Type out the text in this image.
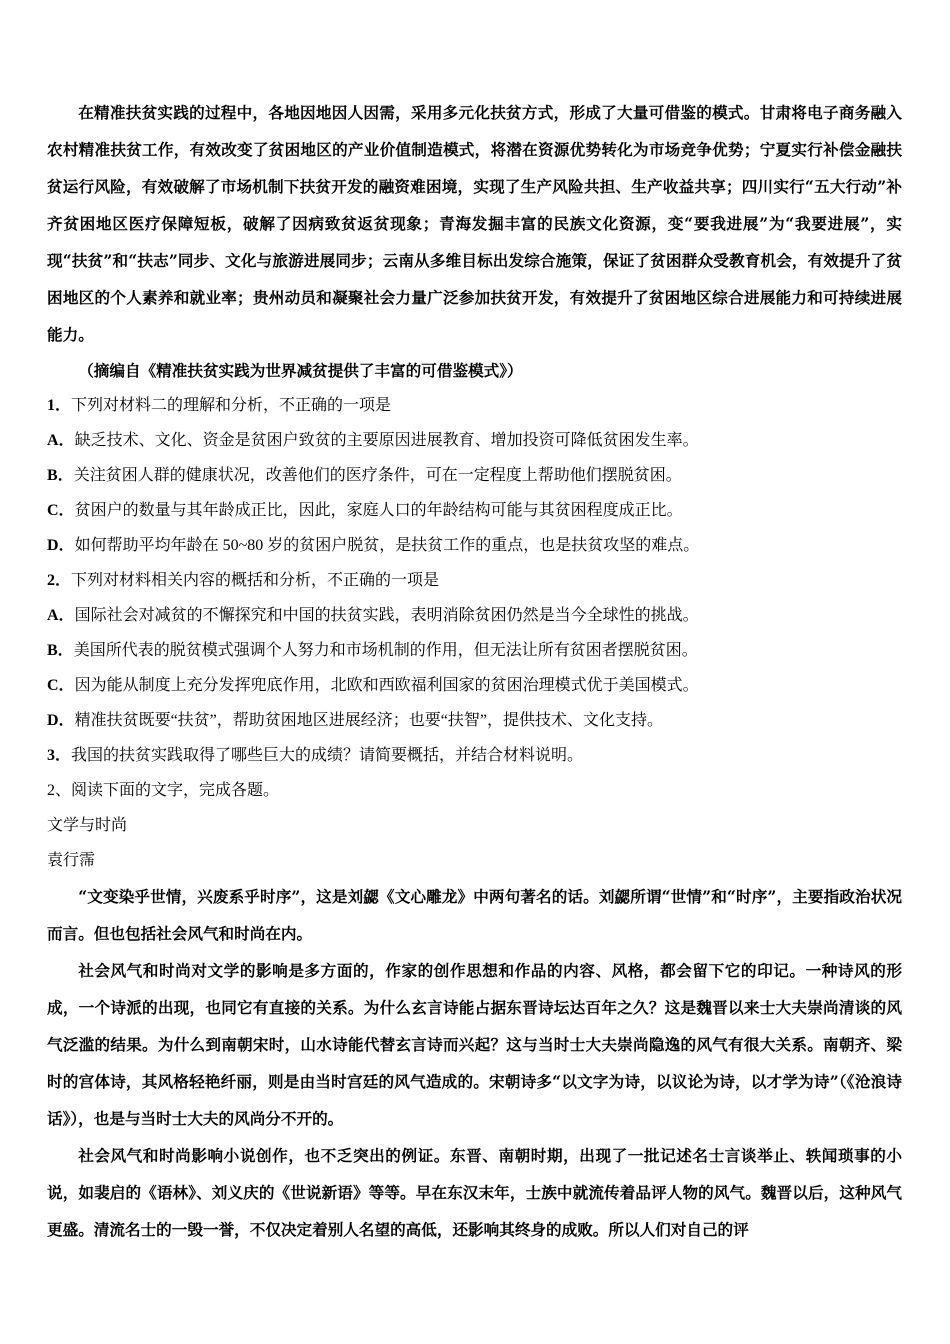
在精准扶贫实践的过程中，各地因地因人因需，采用多元化扶贫方式，形成了大量可借鉴的模式。甘肃将电子商务融入农村精准扶贫工作，有效改变了贫困地区的产业价值制造模式，将潜在资源优势转化为市场竞争优势；宁夏实行补偿金融扶贫运行风险，有效破解了市场机制下扶贫开发的融资难困境，实现了生产风险共担、生产收益共享；四川实行“五大行动”补齐贫困地区医疗保障短板，破解了因病致贫返贫现象；青海发掘丰富的民族文化资源，变“要我进展”为“我要进展”，实现“扶贫”和“扶志”同步、文化与旅游进展同步；云南从多维目标出发综合施策，保证了贫困群众受教育机会，有效提升了贫困地区的个人素养和就业率；贵州动员和凝聚社会力量广泛参加扶贫开发，有效提升了贫困地区综合进展能力和可持续进展能力。

（摘编自《精准扶贫实践为世界减贫提供了丰富的可借鉴模式》）

1．下列对材料二的理解和分析，不正确的一项是
A．缺乏技术、文化、资金是贫困户致贫的主要原因进展教育、增加投资可降低贫困发生率。
B．关注贫困人群的健康状况，改善他们的医疗条件，可在一定程度上帮助他们摆脱贫困。
C．贫困户的数量与其年龄成正比，因此，家庭人口的年龄结构可能与其贫困程度成正比。
D．如何帮助平均年龄在 50~80 岁的贫困户脱贫，是扶贫工作的重点，也是扶贫攻坚的难点。
2．下列对材料相关内容的概括和分析，不正确的一项是
A．国际社会对减贫的不懈探究和中国的扶贫实践，表明消除贫困仍然是当今全球性的挑战。
B．美国所代表的脱贫模式强调个人努力和市场机制的作用，但无法让所有贫困者摆脱贫困。
C．因为能从制度上充分发挥兜底作用，北欧和西欧福利国家的贫困治理模式优于美国模式。
D．精准扶贫既要“扶贫”，帮助贫困地区进展经济；也要“扶智”，提供技术、文化支持。
3．我国的扶贫实践取得了哪些巨大的成绩？请简要概括，并结合材料说明。
2、阅读下面的文字，完成各题。
文学与时尚
袁行霈

“文变染乎世情，兴废系乎时序”，这是刘勰《文心雕龙》中两句著名的话。刘勰所谓“世情”和“时序”，主要指政治状况而言。但也包括社会风气和时尚在内。

社会风气和时尚对文学的影响是多方面的，作家的创作思想和作品的内容、风格，都会留下它的印记。一种诗风的形成，一个诗派的出现，也同它有直接的关系。为什么玄言诗能占据东晋诗坛达百年之久？这是魏晋以来士大夫崇尚清谈的风气泛滥的结果。为什么到南朝宋时，山水诗能代替玄言诗而兴起？这与当时士大夫崇尚隐逸的风气有很大关系。南朝齐、梁时的宫体诗，其风格轻艳纤丽，则是由当时宫廷的风气造成的。宋朝诗多“以文字为诗，以议论为诗，以才学为诗”（《沧浪诗话》），也是与当时士大夫的风尚分不开的。

社会风气和时尚影响小说创作，也不乏突出的例证。东晋、南朝时期，出现了一批记述名士言谈举止、轶闻琐事的小说，如裴启的《语林》、刘义庆的《世说新语》等等。早在东汉末年，士族中就流传着品评人物的风气。魏晋以后，这种风气更盛。清流名士的一毁一誉，不仅决定着别人名望的高低，还影响其终身的成败。所以人们对自己的评
